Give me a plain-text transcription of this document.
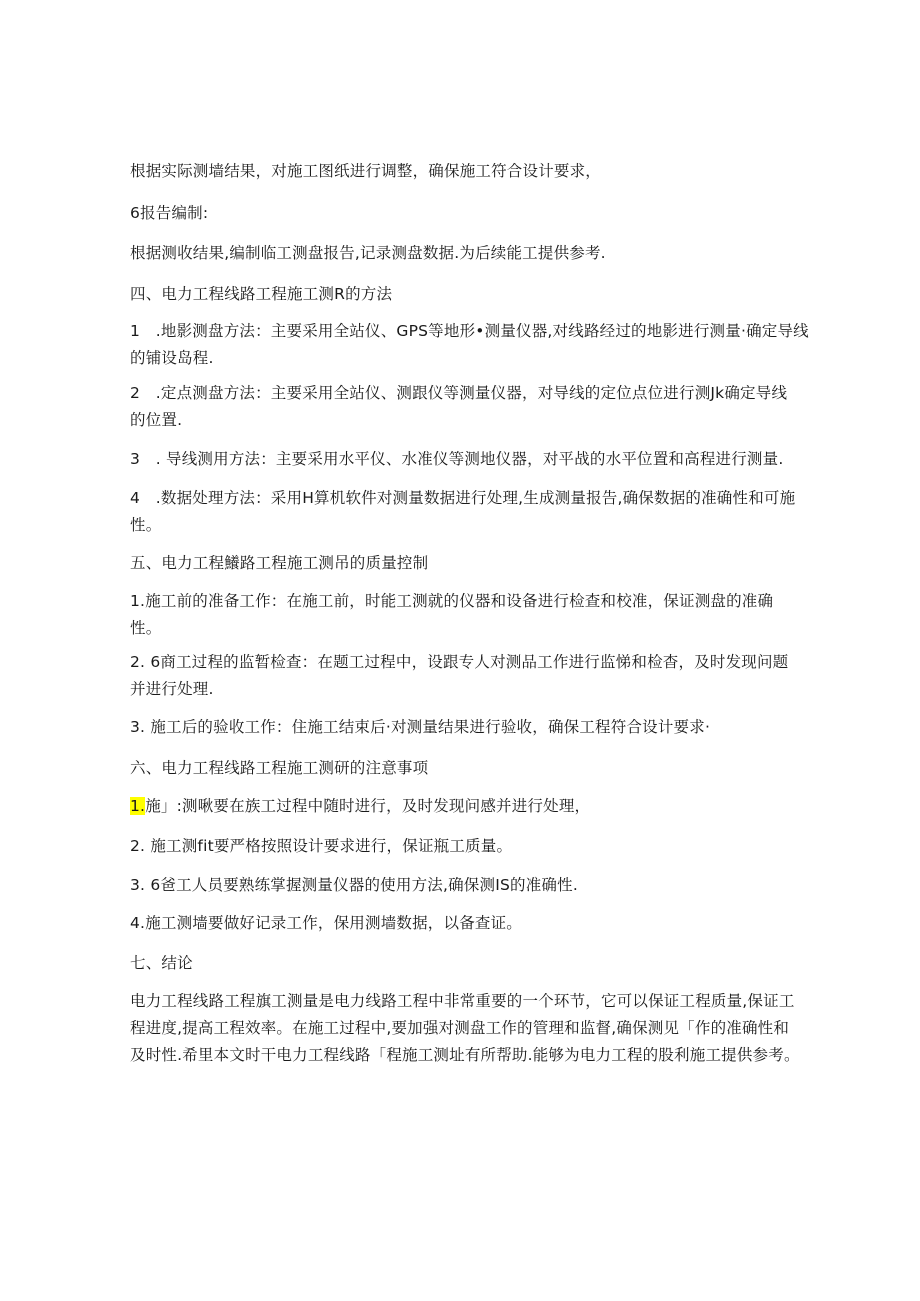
根据实际测墙结果，对施工图纸进行调整，确保施工符合设计要求，
6报告编制:
根据测收结果,编制临工测盘报告,记录测盘数据.为后续能工提供参考.
四、电力工程线路工程施工测R的方法
1　.地影测盘方法：主要采用全站仪、GPS等地形•测量仪器,对线路经过的地影进行测量·确定导线
的铺设岛程.
2　.定点测盘方法：主要采用全站仪、测跟仪等测量仪器，对导线的定位点位进行测Jk确定导线
的位置.
3　. 导线测用方法：主要采用水平仪、水准仪等测地仪器，对平战的水平位置和高程进行测量.
4　.数据处理方法：采用H算机软件对测量数据进行处理,生成测量报告,确保数据的准确性和可施
性。
五、电力工程鱶路工程施工测吊的质量控制
1.施工前的准备工作：在施工前，时能工测就的仪器和设备进行检查和校准，保证测盘的准确
性。
2. 6商工过程的监暂检查：在题工过程中，设跟专人对测品工作进行监悌和检杳，及时发现问题
并进行处理.
3. 施工后的验收工作：住施工结束后·对测量结果进行验收，确保工程符合设计要求·
六、电力工程线路工程施工测研的注意事项
1.施」:测啾要在族工过程中随时进行，及时发现问感并进行处理，
2. 施工测fit要严格按照设计要求进行，保证瓶工质量。
3. 6爸工人员要熟练掌握测量仪器的使用方法,确保测IS的准确性.
4.施工测墙要做好记录工作，保用测墙数据，以备查证。
七、结论
电力工程线路工程旗工测量是电力线路工程中非常重要的一个环节，它可以保证工程质量,保证工
程进度,提高工程效率。在施工过程中,要加强对测盘工作的管理和监督,确保测见「作的准确性和
及时性.希里本文时干电力工程线路「程施工测址有所帮助.能够为电力工程的股利施工提供参考。
